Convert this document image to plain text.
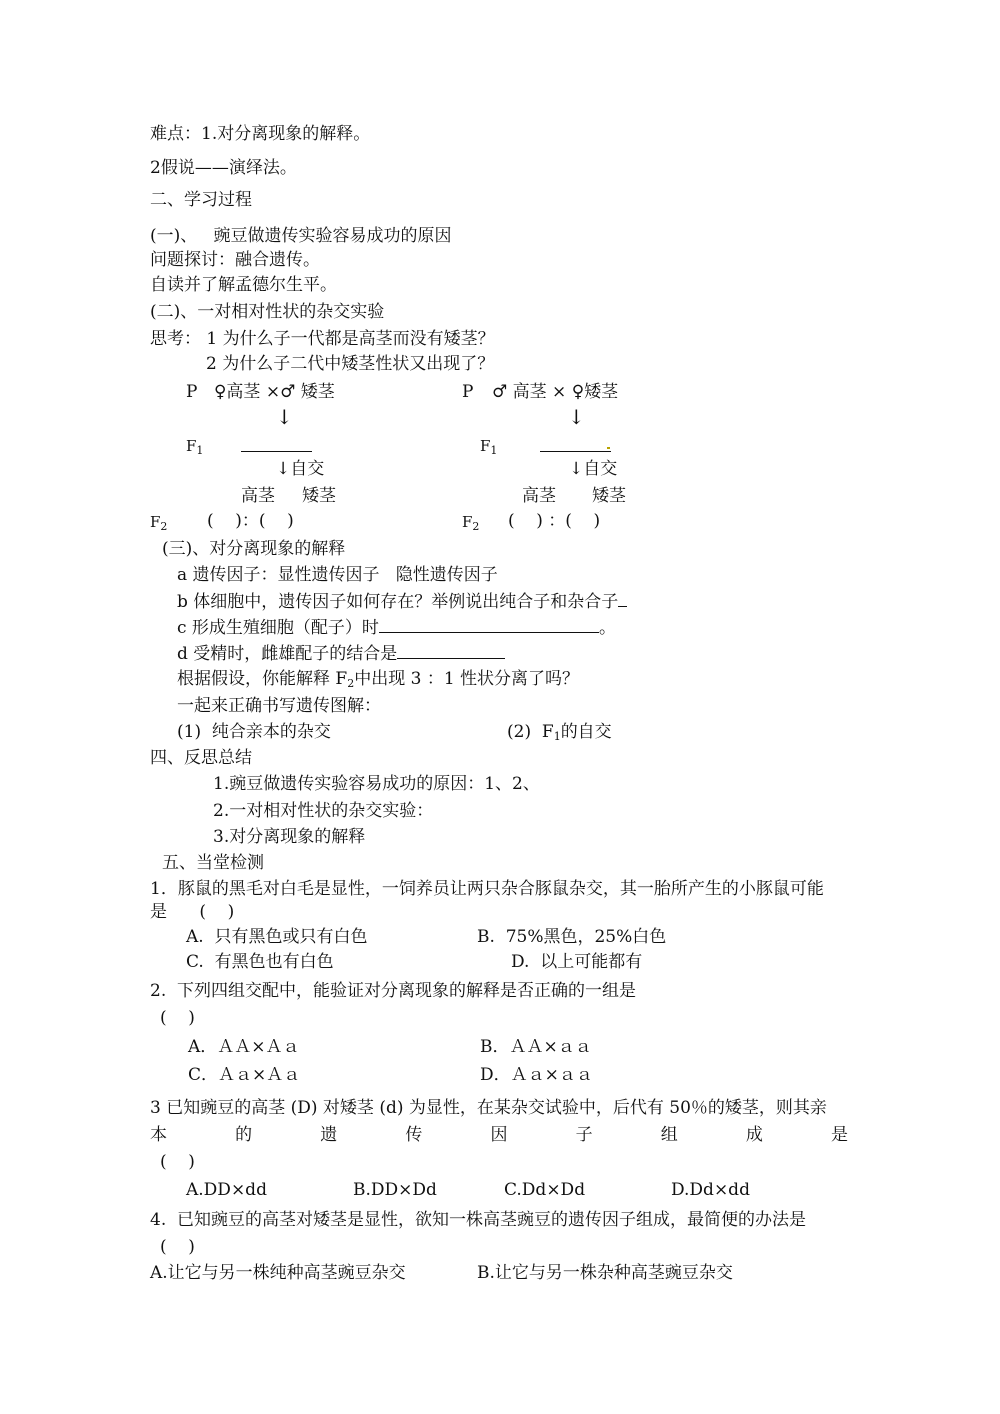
难点：1.对分离现象的解释。
2假说——演绎法。
二、学习过程
(一)、   豌豆做遗传实验容易成功的原因
问题探讨：融合遗传。
自读并了解孟德尔生平。
(二)、一对相对性状的杂交实验
思考： 1 为什么子一代都是高茎而没有矮茎？
2 为什么子二代中矮茎性状又出现了？
P ♀高茎 ×♂ 矮茎
↓
$F_1$
↓自交
高茎 矮茎
$F_2$ (    )：(    )
P ♂ 高茎 × ♀矮茎
↓
$F_1$
↓自交
高茎 矮茎
$F_2$ (    ) ：(    )
(三)、对分离现象的解释
a 遗传因子：显性遗传因子   隐性遗传因子
b 体细胞中，遗传因子如何存在？举例说出纯合子和杂合子
c 形成生殖细胞（配子）时	。
d 受精时，雌雄配子的结合是
根据假设，你能解释 F2中出现 3 ：1 性状分离了吗？
一起来正确书写遗传图解：
(1)  纯合亲本的杂交	(2)  F1的自交
四、反思总结
1.豌豆做遗传实验容易成功的原因：1、2、
2.一对相对性状的杂交实验：
3.对分离现象的解释
五、当堂检测
1．豚鼠的黑毛对白毛是显性，一饲养员让两只杂合豚鼠杂交，其一胎所产生的小豚鼠可能
是      (    )
A.  只有黑色或只有白色	B.  75%黑色，25%白色
C.  有黑色也有白色	D.  以上可能都有
2.  下列四组交配中，能验证对分离现象的解释是否正确的一组是
(    )
A．ＡＡ×Ａａ	B．ＡＡ×ａａ
C．Ａａ×Ａａ	D．Ａａ×ａａ
3 已知豌豆的高茎 (D) 对矮茎 (d) 为显性，在某杂交试验中，后代有 50％的矮茎，则其亲
本	的	遗	传	因	子	组	成	是
(    )
A.DD×dd	B.DD×Dd	C.Dd×Dd	D.Dd×dd
4.  已知豌豆的高茎对矮茎是显性，欲知一株高茎豌豆的遗传因子组成，最简便的办法是
(    )
A.让它与另一株纯种高茎豌豆杂交	B.让它与另一株杂种高茎豌豆杂交
